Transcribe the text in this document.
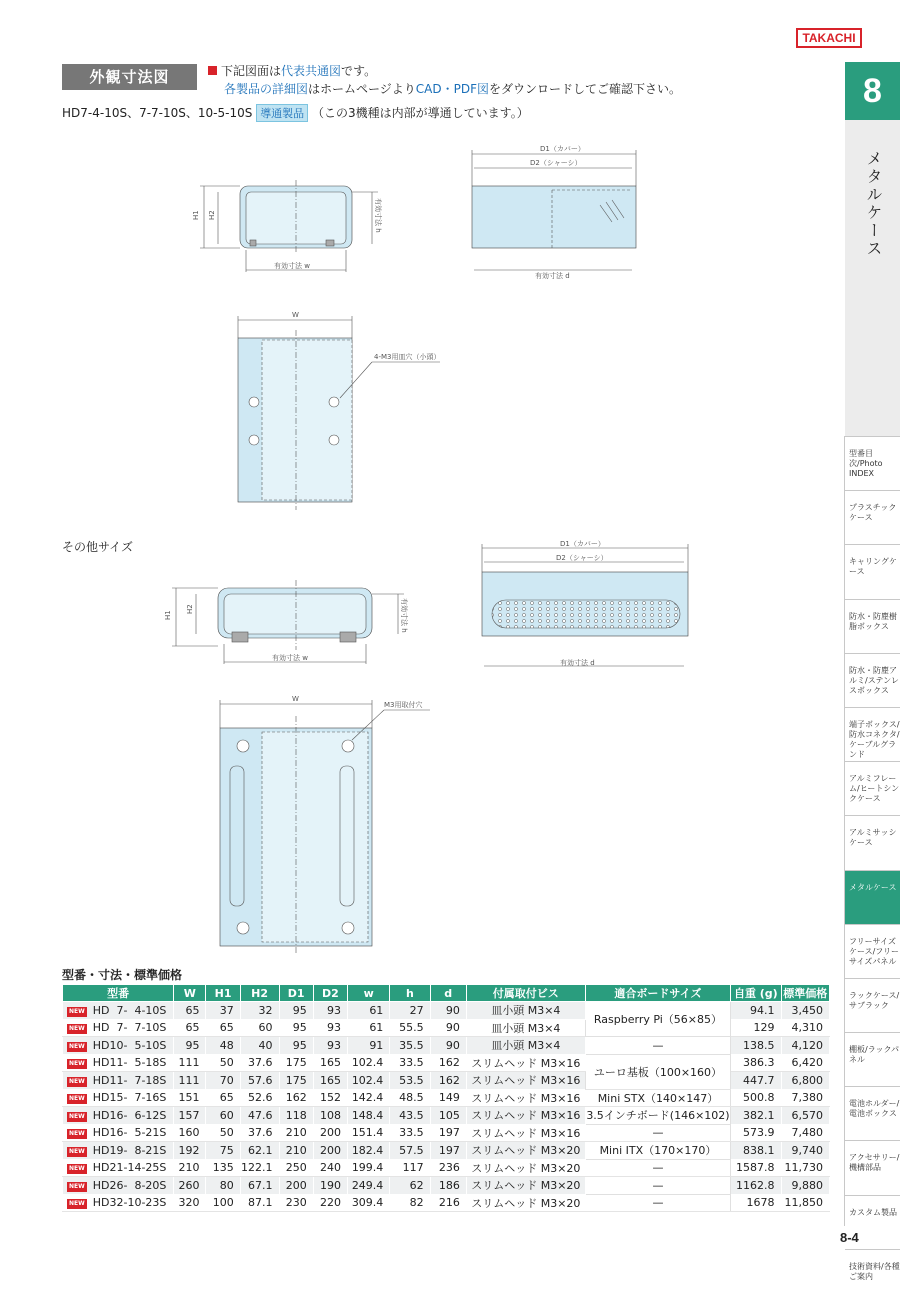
TAKACHI
8
メタルケース
型番目次/Photo INDEX
プラスチックケース
キャリングケース
防水・防塵樹脂ボックス
防水・防塵アルミ/ステンレスボックス
端子ボックス/防水コネクタ/ケーブルグランド
アルミフレーム/ヒートシンクケース
アルミサッシケース
メタルケース
フリーサイズケース/フリーサイズパネル
ラックケース/サブラック
棚板/ラックパネル
電池ホルダー/電池ボックス
アクセサリー/機構部品
カスタム製品
技術資料/各種ご案内
外観寸法図	下記図面は代表共通図です。
各製品の詳細図はホームページよりCAD・PDF図をダウンロードしてご確認下さい。
HD7-4-10S、7-7-10S、10-5-10S 導通製品 （この3機種は内部が導通しています。）
H1 H2	有効寸法 h
有効寸法 w
D1（カバー）
D2（シャーシ）
有効寸法 d
W
4-M3用皿穴（小頭）
H1
H2	有効寸法 h
有効寸法 w
D1（カバー）
D2（シャーシ）
有効寸法 d
W
M3用取付穴
その他サイズ
型番・寸法・標準価格
型番	W	H1	H2	D1	D2	w	h	d	付属取付ビス	適合ボードサイズ	自重 (g)	標準価格
NEW HD  7-  4-10S	65	37	32	95	93	61	27	90	皿小頭 M3×4	Raspberry Pi（56×85）	94.1	3,450
NEW HD  7-  7-10S	65	65	60	95	93	61	55.5	90	皿小頭 M3×4		129	4,310
NEW HD10-  5-10S	95	48	40	95	93	91	35.5	90	皿小頭 M3×4	—	138.5	4,120
NEW HD11-  5-18S	111	50	37.6	175	165	102.4	33.5	162	スリムヘッド M3×16	ユーロ基板（100×160）	386.3	6,420
NEW HD11-  7-18S	111	70	57.6	175	165	102.4	53.5	162	スリムヘッド M3×16		447.7	6,800
NEW HD15-  7-16S	151	65	52.6	162	152	142.4	48.5	149	スリムヘッド M3×16	Mini STX（140×147）	500.8	7,380
NEW HD16-  6-12S	157	60	47.6	118	108	148.4	43.5	105	スリムヘッド M3×16	3.5インチボード(146×102)	382.1	6,570
NEW HD16-  5-21S	160	50	37.6	210	200	151.4	33.5	197	スリムヘッド M3×16	—	573.9	7,480
NEW HD19-  8-21S	192	75	62.1	210	200	182.4	57.5	197	スリムヘッド M3×20	Mini ITX（170×170）	838.1	9,740
NEW HD21-14-25S	210	135	122.1	250	240	199.4	117	236	スリムヘッド M3×20	—	1587.8	11,730
NEW HD26-  8-20S	260	80	67.1	200	190	249.4	62	186	スリムヘッド M3×20	—	1162.8	9,880
NEW HD32-10-23S	320	100	87.1	230	220	309.4	82	216	スリムヘッド M3×20	—	1678	11,850
8-4
